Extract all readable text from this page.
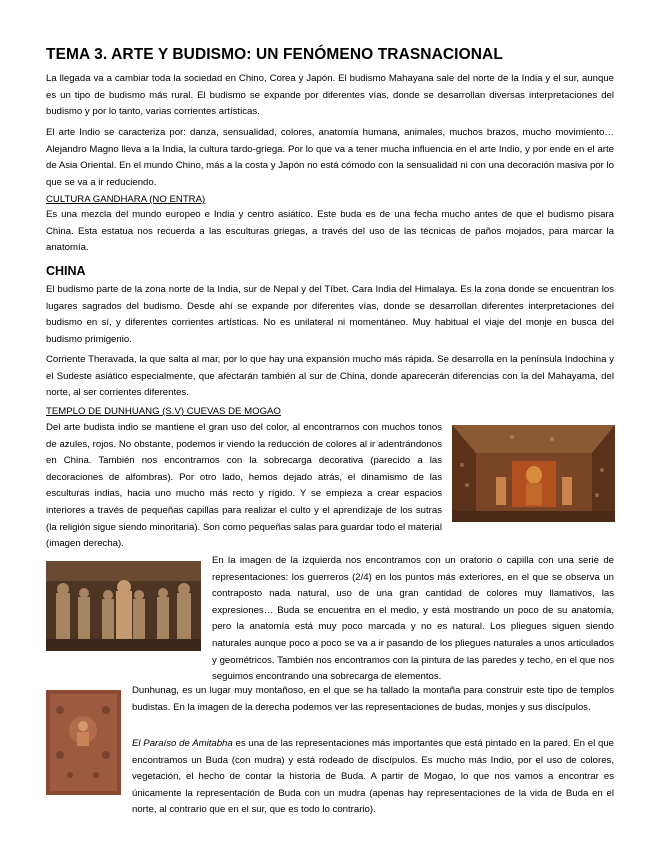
TEMA 3. ARTE Y BUDISMO: UN FENÓMENO TRASNACIONAL
La llegada va a cambiar toda la sociedad en Chino, Corea y Japón. El budismo Mahayana sale del norte de la India y el sur, aunque es un tipo de budismo más rural. El budismo se expande por diferentes vías, donde se desarrollan diversas interpretaciones del budismo y por lo tanto, varias corrientes artísticas.
El arte Indio se caracteriza por: danza, sensualidad, colores, anatomía humana, animales, muchos brazos, mucho movimiento… Alejandro Magno lleva a la India, la cultura tardo-griega. Por lo que va a tener mucha influencia en el arte Indio, y por ende en el arte de Asia Oriental. En el mundo Chino, más a la costa y Japón no está cómodo con la sensualidad ni con una decoración masiva por lo que se va a ir reduciendo.
CULTURA GANDHARA (NO ENTRA)
Es una mezcla del mundo europeo e India y centro asiático. Este buda es de una fecha mucho antes de que el budismo pisara China. Esta estatua nos recuerda a las esculturas griegas, a través del uso de las técnicas de paños mojados, para marcar la anatomía.
CHINA
El budismo parte de la zona norte de la India, sur de Nepal y del Tíbet. Cara India del Himalaya. Es la zona donde se encuentran los lugares sagrados del budismo. Desde ahí se expande por diferentes vías, donde se desarrollan diferentes interpretaciones del budismo en sí, y diferentes corrientes artísticas. No es unilateral ni momentáneo. Muy habitual el viaje del monje en busca del budismo primigenio.
Corriente Theravada, la que salta al mar, por lo que hay una expansión mucho más rápida. Se desarrolla en la península Indochina y el Sudeste asiático especialmente, que afectarán también al sur de China, donde aparecerán diferencias con la del Mahayama, del norte, al ser corrientes diferentes.
TEMPLO DE DUNHUANG (S.V) CUEVAS DE MOGAO
Del arte budista indio se mantiene el gran uso del color, al encontrarnos con muchos tonos de azules, rojos. No obstante, podemos ir viendo la reducción de colores al ir adentrándonos en China. También nos encontramos con la sobrecarga decorativa (parecido a las decoraciones de alfombras). Por otro lado, hemos dejado atrás, el dinamismo de las esculturas indias, hacia uno mucho más recto y rígido. Y se empieza a crear espacios interiores a través de pequeñas capillas para realizar el culto y el aprendizaje de los sutras (la religión sigue siendo minoritaria). Son como pequeñas salas para guardar todo el material (imagen derecha).
En la imagen de la izquierda nos encontramos con un oratorio o capilla con una serie de representaciones: los guerreros (2/4) en los puntos más exteriores, en el que se observa un contraposto nada natural, uso de una gran cantidad de colores muy llamativos, las expresiones… Buda se encuentra en el medio, y está mostrando un poco de su anatomía, pero la anatomía está muy poco marcada y no es natural. Los pliegues siguen siendo naturales aunque poco a poco se va a ir pasando de los pliegues naturales a unos articulados y geométricos. También nos encontramos con la pintura de las paredes y techo, en el que nos seguimos encontrando una sobrecarga de elementos.
Dunhunag, es un lugar muy montañoso, en el que se ha tallado la montaña para construir este tipo de templos budistas. En la imagen de la derecha podemos ver las representaciones de budas, monjes y sus discípulos.
El Paraíso de Amitabha es una de las representaciones más importantes que está pintado en la pared. En el que encontramos un Buda (con mudra) y está rodeado de discípulos. Es mucho más Indio, por el uso de colores, vegetación, el hecho de contar la historia de Buda. A partir de Mogao, lo que nos vamos a encontrar es únicamente la representación de Buda con un mudra (apenas hay representaciones de la vida de Buda en el norte, al contrario que en el sur, que es todo lo contrario).
